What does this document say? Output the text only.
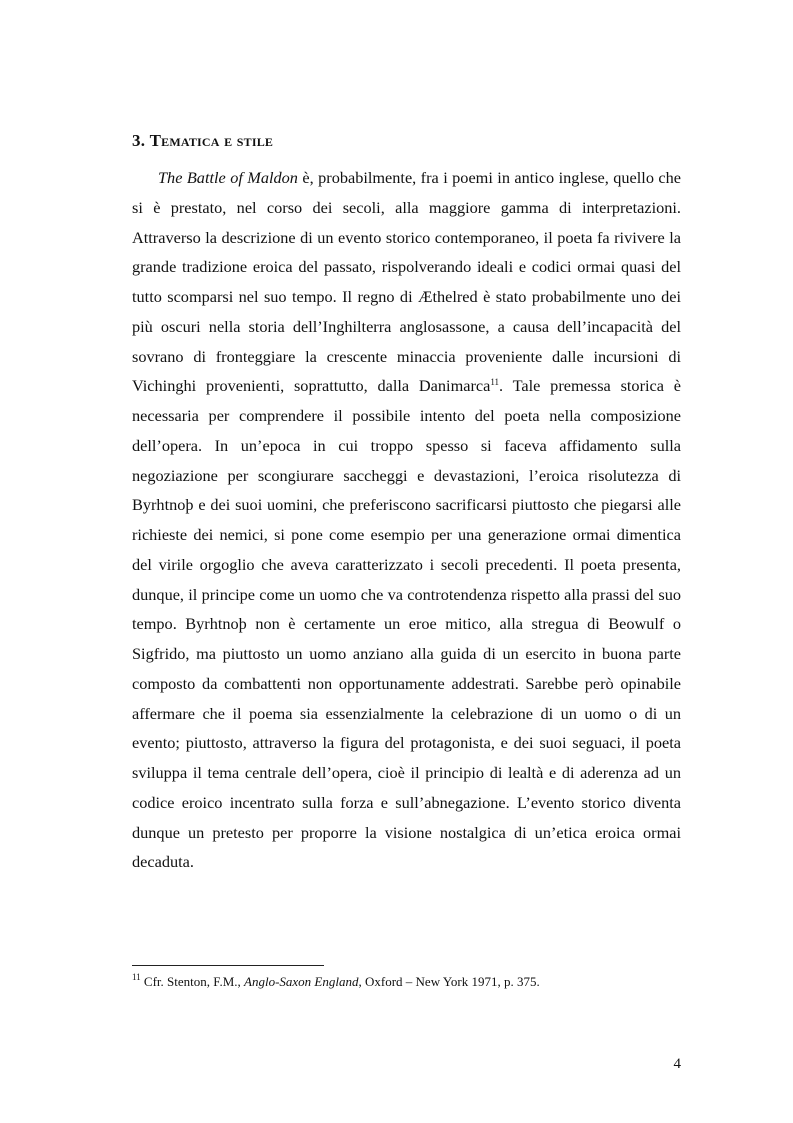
3. Tematica e stile

The Battle of Maldon è, probabilmente, fra i poemi in antico inglese, quello che si è prestato, nel corso dei secoli, alla maggiore gamma di interpretazioni. Attraverso la descrizione di un evento storico contemporaneo, il poeta fa rivivere la grande tradizione eroica del passato, rispolverando ideali e codici ormai quasi del tutto scomparsi nel suo tempo. Il regno di Æthelred è stato probabilmente uno dei più oscuri nella storia dell’Inghilterra anglosassone, a causa dell’incapacità del sovrano di fronteggiare la crescente minaccia proveniente dalle incursioni di Vichinghi provenienti, soprattutto, dalla Danimarca$^{11}$. Tale premessa storica è necessaria per comprendere il possibile intento del poeta nella composizione dell’opera. In un’epoca in cui troppo spesso si faceva affidamento sulla negoziazione per scongiurare saccheggi e devastazioni, l’eroica risolutezza di Byrhtnoþ e dei suoi uomini, che preferiscono sacrificarsi piuttosto che piegarsi alle richieste dei nemici, si pone come esempio per una generazione ormai dimentica del virile orgoglio che aveva caratterizzato i secoli precedenti. Il poeta presenta, dunque, il principe come un uomo che va controtendenza rispetto alla prassi del suo tempo. Byrhtnoþ non è certamente un eroe mitico, alla stregua di Beowulf o Sigfrido, ma piuttosto un uomo anziano alla guida di un esercito in buona parte composto da combattenti non opportunamente addestrati. Sarebbe però opinabile affermare che il poema sia essenzialmente la celebrazione di un uomo o di un evento; piuttosto, attraverso la figura del protagonista, e dei suoi seguaci, il poeta sviluppa il tema centrale dell’opera, cioè il principio di lealtà e di aderenza ad un codice eroico incentrato sulla forza e sull’abnegazione. L’evento storico diventa dunque un pretesto per proporre la visione nostalgica di un’etica eroica ormai decaduta.

$^{11}$ Cfr. Stenton, F.M., Anglo-Saxon England, Oxford – New York 1971, p. 375.
4
